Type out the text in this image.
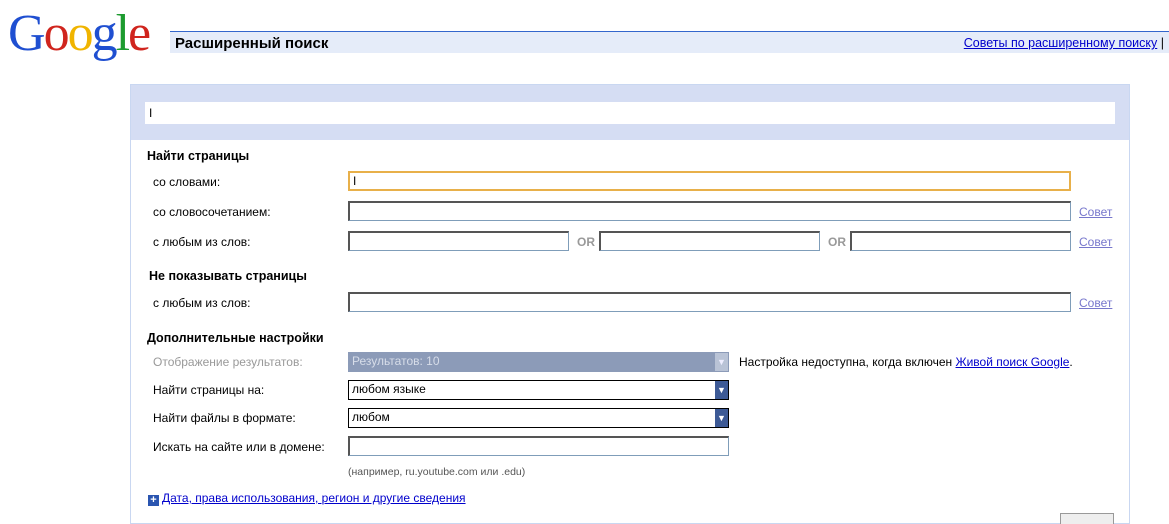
Google Расширенный поиск	Советы по расширенному поиску |
I
Найти страницы
со словами:
I
со словосочетанием:	Совет
с любым из слов:	OR	OR	Совет
Не показывать страницы
с любым из слов:	Совет
Дополнительные настройки
Отображение результатов:	Результатов: 10	▼ Настройка недоступна, когда включен Живой поиск Google.
Найти страницы на:	любом языке	▼
Найти файлы в формате:	любом	▼
Искать на сайте или в домене:
(например, ru.youtube.com или .edu)
+ Дата, права использования, регион и другие сведения
